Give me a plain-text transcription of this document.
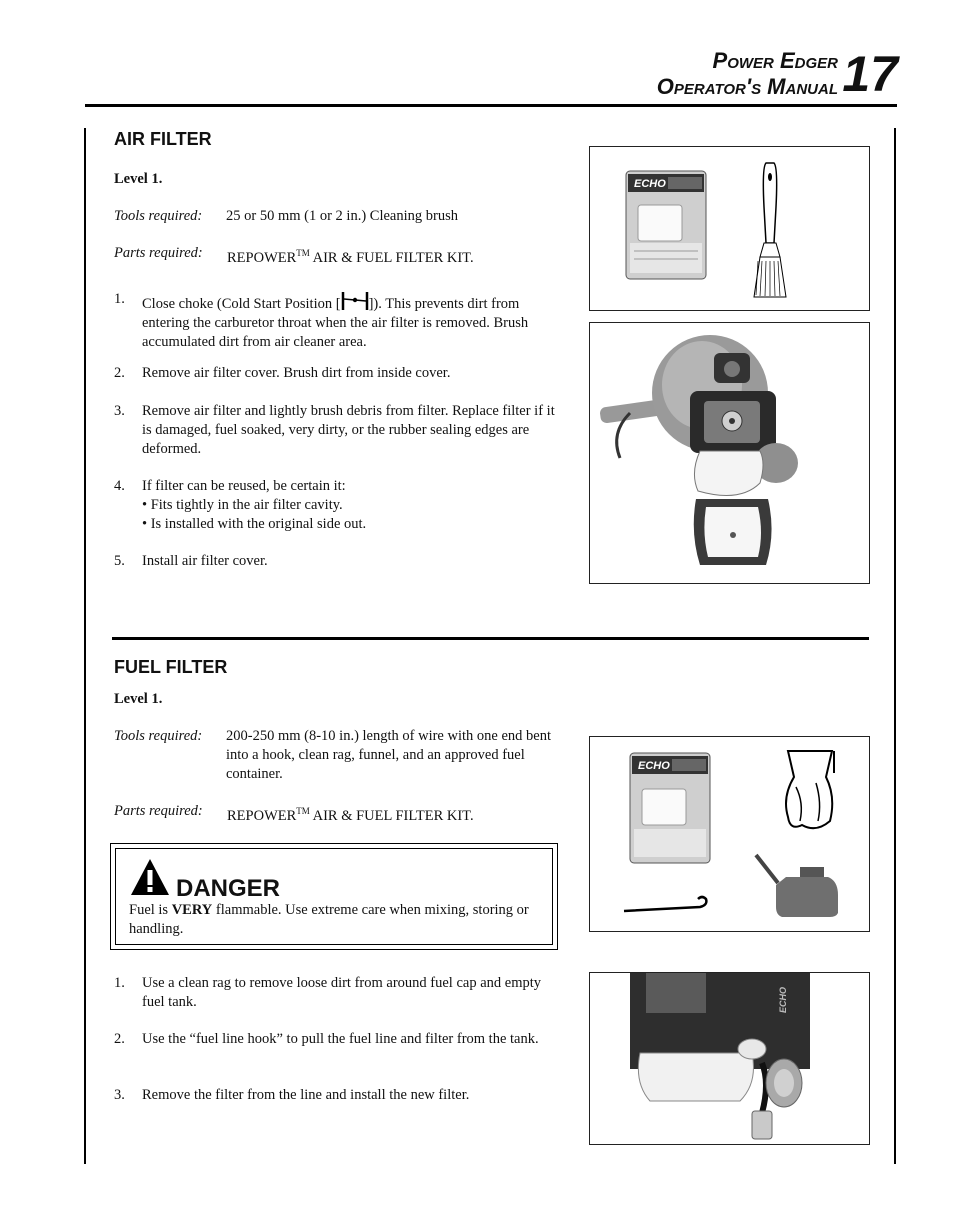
Power Edger
Operator's Manual 17
AIR FILTER
Level 1.
Tools required: 25 or 50 mm (1 or 2 in.) Cleaning brush
Parts required: REPOWER™ AIR & FUEL FILTER KIT.
1. Close choke (Cold Start Position [ ]). This prevents dirt from entering the carburetor throat when the air filter is removed. Brush accumulated dirt from air cleaner area.
2. Remove air filter cover. Brush dirt from inside cover.
3. Remove air filter and lightly brush debris from filter. Replace filter if it is damaged, fuel soaked, very dirty, or the rubber sealing edges are deformed.
4. If filter can be reused, be certain it:
• Fits tightly in the air filter cavity.
• Is installed with the original side out.
5. Install air filter cover.
ECHO
FUEL FILTER
Level 1.
Tools required: 200-250 mm (8-10 in.) length of wire with one end bent into a hook, clean rag, funnel, and an approved fuel container.
Parts required: REPOWER™ AIR & FUEL FILTER KIT.
DANGER
Fuel is VERY flammable. Use extreme care when mixing, storing or handling.
1. Use a clean rag to remove loose dirt from around fuel cap and empty fuel tank.
2. Use the “fuel line hook” to pull the fuel line and filter from the tank.
3. Remove the filter from the line and install the new filter.
ECHO
ECHO
